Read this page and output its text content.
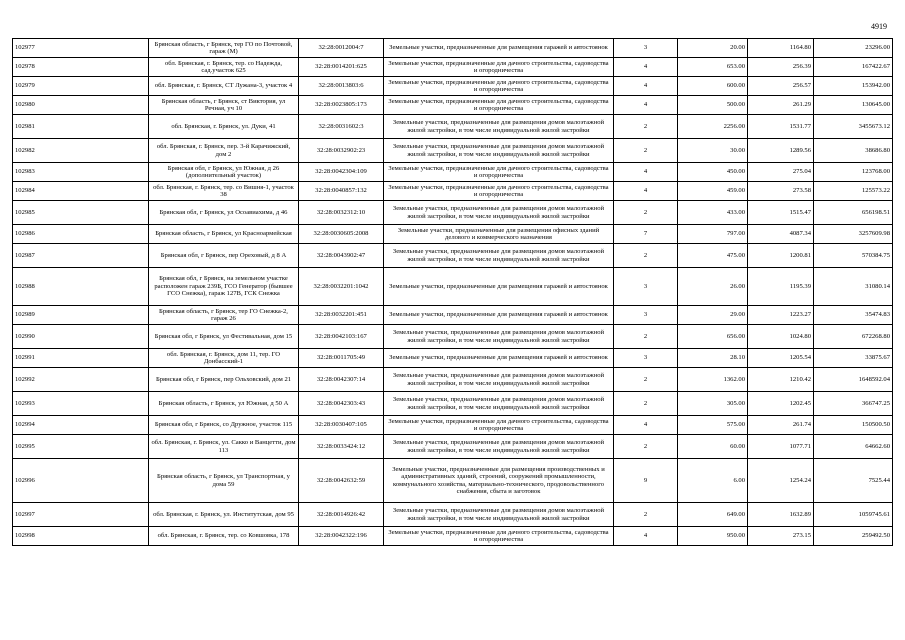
4919
102977	Брянская область, г Брянск, тер ГО по Почтовой, гараж (М)	32:28:0012004:7	Земельные участки, предназначенные для размещения гаражей и автостоянок	3	20.00	1164.80	23296.00
102978	обл. Брянская, г. Брянск, тер. со Надежда, сад.участок 625	32:28:0014201:625	Земельные участки, предназначенные для дачного строительства, садоводства и огородничества	4	653.00	256.39	167422.67
102979	обл. Брянская, г. Брянск, СТ Лужана-3, участок 4	32:28:0013803:6	Земельные участки, предназначенные для дачного строительства, садоводства и огородничества	4	600.00	256.57	153942.00
102980	Брянская область, г Брянск, ст Виктория, ул Речная, уч 10	32:28:0023805:173	Земельные участки, предназначенные для дачного строительства, садоводства и огородничества	4	500.00	261.29	130645.00
102981	обл. Брянская, г. Брянск, ул. Дуки, 41	32:28:0031602:3	Земельные участки, предназначенные для размещения домов малоэтажной жилой застройки, в том числе индивидуальной жилой застройки	2	2256.00	1531.77	3455673.12
102982	обл. Брянская, г. Брянск, пер. 3-й Карачижский, дом 2	32:28:0032902:23	Земельные участки, предназначенные для размещения домов малоэтажной жилой застройки, в том числе индивидуальной жилой застройки	2	30.00	1289.56	38686.80
102983	Брянская обл, г Брянск, ул Южная, д 26 (дополнительный участок)	32:28:0042304:109	Земельные участки, предназначенные для дачного строительства, садоводства и огородничества	4	450.00	275.04	123768.00
102984	обл. Брянская, г. Брянск, тер. со Вишня-1, участок 38	32:28:0040857:132	Земельные участки, предназначенные для дачного строительства, садоводства и огородничества	4	459.00	273.58	125573.22
102985	Брянская обл, г Брянск, ул Осоавиахима, д 46	32:28:0032312:10	Земельные участки, предназначенные для размещения домов малоэтажной жилой застройки, в том числе индивидуальной жилой застройки	2	433.00	1515.47	656198.51
102986	Брянская область, г Брянск, ул Красноармейская	32:28:0030605:2008	Земельные участки, предназначенные для размещения офисных зданий делового и коммерческого назначения	7	797.00	4087.34	3257609.98
102987	Брянская обл, г Брянск, пер Ореховый, д 8 А	32:28:0043902:47	Земельные участки, предназначенные для размещения домов малоэтажной жилой застройки, в том числе индивидуальной жилой застройки	2	475.00	1200.81	570384.75
102988	Брянская обл, г Брянск, на земельном участке расположен гараж 239Б, ГСО Генератор (бывшее ГСО Снежка), гараж 127В, ГСК Снежка	32:28:0032201:1042	Земельные участки, предназначенные для размещения гаражей и автостоянок	3	26.00	1195.39	31080.14
102989	Брянская область, г Брянск, тер ГО Снежка-2, гараж 26	32:28:0032201:451	Земельные участки, предназначенные для размещения гаражей и автостоянок	3	29.00	1223.27	35474.83
102990	Брянская обл, г Брянск, ул Фестивальная, дом 15	32:28:0042103:167	Земельные участки, предназначенные для размещения домов малоэтажной жилой застройки, в том числе индивидуальной жилой застройки	2	656.00	1024.80	672268.80
102991	обл. Брянская, г. Брянск, дом 11, тер. ГО Донбасский-1	32:28:0011705:49	Земельные участки, предназначенные для размещения гаражей и автостоянок	3	28.10	1205.54	33875.67
102992	Брянская обл, г Брянск, пер Ольховский, дом 21	32:28:0042307:14	Земельные участки, предназначенные для размещения домов малоэтажной жилой застройки, в том числе индивидуальной жилой застройки	2	1362.00	1210.42	1648592.04
102993	Брянская область, г Брянск, ул Южная, д 50 А	32:28:0042303:43	Земельные участки, предназначенные для размещения домов малоэтажной жилой застройки, в том числе индивидуальной жилой застройки	2	305.00	1202.45	366747.25
102994	Брянская обл, г Брянск, со Дружное, участок 115	32:28:0030407:105	Земельные участки, предназначенные для дачного строительства, садоводства и огородничества	4	575.00	261.74	150500.50
102995	обл. Брянская, г. Брянск, ул. Сакко и Ванцетти, дом 113	32:28:0033424:12	Земельные участки, предназначенные для размещения домов малоэтажной жилой застройки, в том числе индивидуальной жилой застройки	2	60.00	1077.71	64662.60
102996	Брянская область, г Брянск, ул Транспортная, у дома 59	32:28:0042632:59	Земельные участки, предназначенные для размещения производственных и административных зданий, строений, сооружений промышленности, коммунального хозяйства, материально-технического, продовольственного снабжения, сбыта и заготовок	9	6.00	1254.24	7525.44
102997	обл. Брянская, г. Брянск, ул. Институтская, дом 95	32:28:0014926:42	Земельные участки, предназначенные для размещения домов малоэтажной жилой застройки, в том числе индивидуальной жилой застройки	2	649.00	1632.89	1059745.61
102998	обл. Брянская, г. Брянск, тер. со Ковшовка, 178	32:28:0042322:196	Земельные участки, предназначенные для дачного строительства, садоводства и огородничества	4	950.00	273.15	259492.50
